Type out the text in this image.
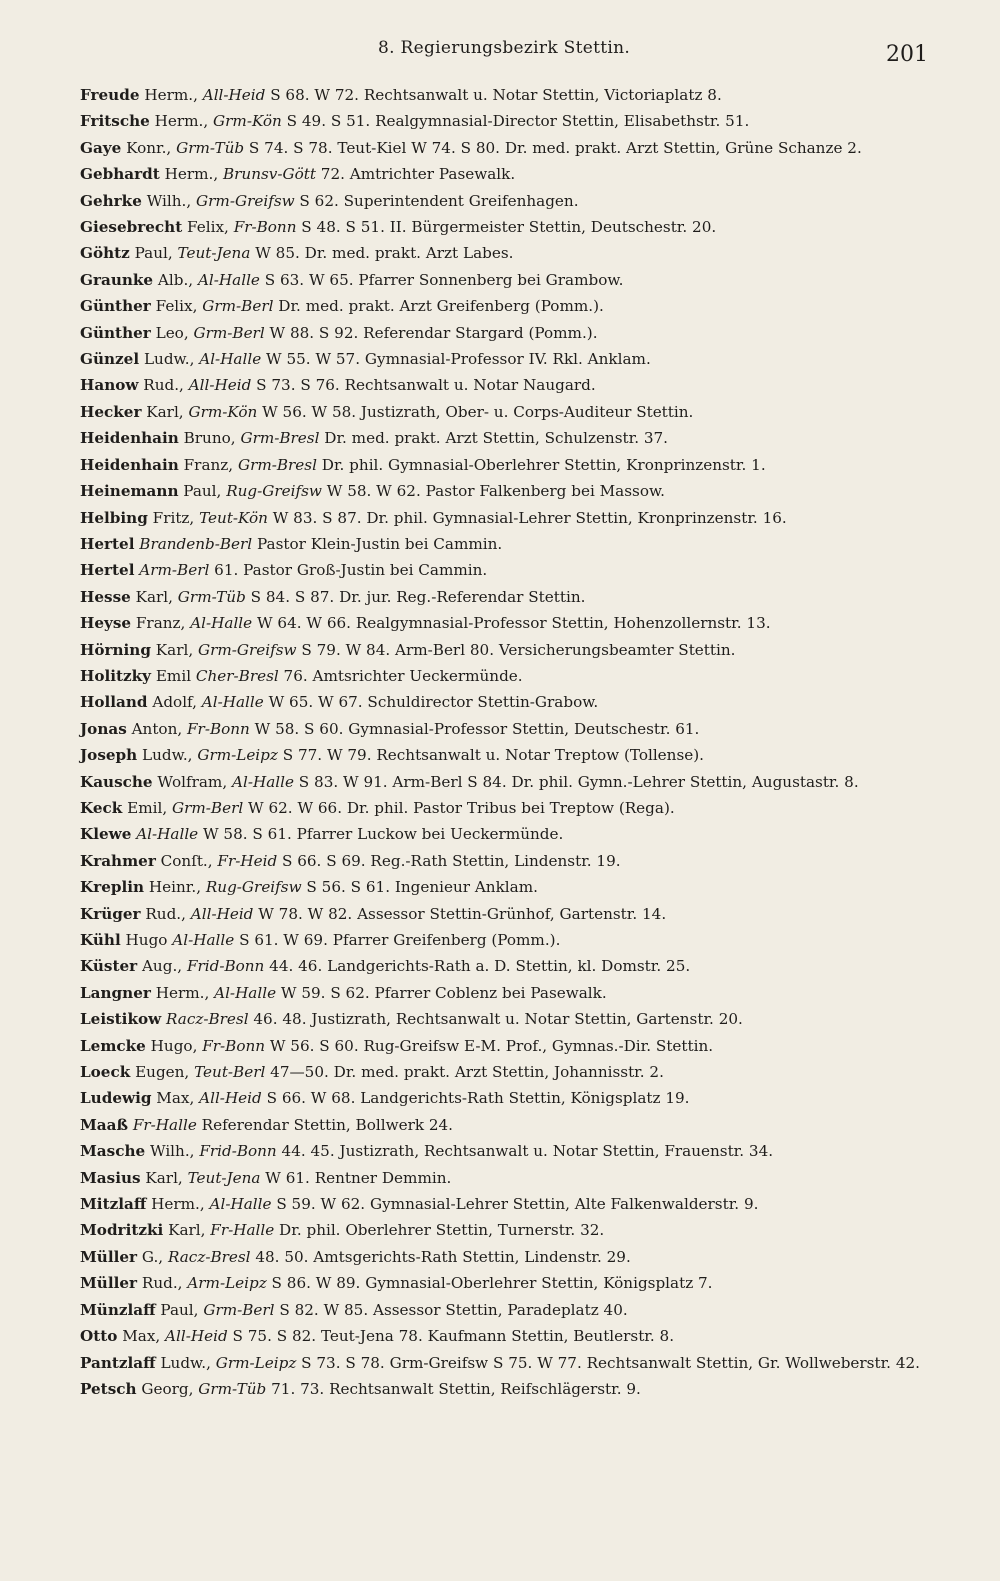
8. Regierungsbezirk Stettin.	201
Freude Herm., All-Heid S 68. W 72. Rechtsanwalt u. Notar Stettin, Victoriaplatz 8.
Fritsche Herm., Grm-Kön S 49. S 51. Realgymnasial-Director Stettin, Elisabethstr. 51.
Gaye Konr., Grm-Tüb S 74. S 78. Teut-Kiel W 74. S 80. Dr. med. prakt. Arzt Stettin, Grüne Schanze 2.
Gebhardt Herm., Brunsv-Gött 72. Amtrichter Pasewalk.
Gehrke Wilh., Grm-Greifsw S 62. Superintendent Greifenhagen.
Giesebrecht Felix, Fr-Bonn S 48. S 51. II. Bürgermeister Stettin, Deutschestr. 20.
Göhtz Paul, Teut-Jena W 85. Dr. med. prakt. Arzt Labes.
Graunke Alb., Al-Halle S 63. W 65. Pfarrer Sonnenberg bei Grambow.
Günther Felix, Grm-Berl Dr. med. prakt. Arzt Greifenberg (Pomm.).
Günther Leo, Grm-Berl W 88. S 92. Referendar Stargard (Pomm.).
Günzel Ludw., Al-Halle W 55. W 57. Gymnasial-Professor IV. Rkl. Anklam.
Hanow Rud., All-Heid S 73. S 76. Rechtsanwalt u. Notar Naugard.
Hecker Karl, Grm-Kön W 56. W 58. Justizrath, Ober- u. Corps-Auditeur Stettin.
Heidenhain Bruno, Grm-Bresl Dr. med. prakt. Arzt Stettin, Schulzenstr. 37.
Heidenhain Franz, Grm-Bresl Dr. phil. Gymnasial-Oberlehrer Stettin, Kronprinzenstr. 1.
Heinemann Paul, Rug-Greifsw W 58. W 62. Pastor Falkenberg bei Massow.
Helbing Fritz, Teut-Kön W 83. S 87. Dr. phil. Gymnasial-Lehrer Stettin, Kronprinzenstr. 16.
Hertel Brandenb-Berl Pastor Klein-Justin bei Cammin.
Hertel Arm-Berl 61. Pastor Groß-Justin bei Cammin.
Hesse Karl, Grm-Tüb S 84. S 87. Dr. jur. Reg.-Referendar Stettin.
Heyse Franz, Al-Halle W 64. W 66. Realgymnasial-Professor Stettin, Hohenzollernstr. 13.
Hörning Karl, Grm-Greifsw S 79. W 84. Arm-Berl 80. Versicherungsbeamter Stettin.
Holitzky Emil Cher-Bresl 76. Amtsrichter Ueckermünde.
Holland Adolf, Al-Halle W 65. W 67. Schuldirector Stettin-Grabow.
Jonas Anton, Fr-Bonn W 58. S 60. Gymnasial-Professor Stettin, Deutschestr. 61.
Joseph Ludw., Grm-Leipz S 77. W 79. Rechtsanwalt u. Notar Treptow (Tollense).
Kausche Wolfram, Al-Halle S 83. W 91. Arm-Berl S 84. Dr. phil. Gymn.-Lehrer Stettin, Augustastr. 8.
Keck Emil, Grm-Berl W 62. W 66. Dr. phil. Pastor Tribus bei Treptow (Rega).
Klewe Al-Halle W 58. S 61. Pfarrer Luckow bei Ueckermünde.
Krahmer Conſt., Fr-Heid S 66. S 69. Reg.-Rath Stettin, Lindenstr. 19.
Kreplin Heinr., Rug-Greifsw S 56. S 61. Ingenieur Anklam.
Krüger Rud., All-Heid W 78. W 82. Assessor Stettin-Grünhof, Gartenstr. 14.
Kühl Hugo Al-Halle S 61. W 69. Pfarrer Greifenberg (Pomm.).
Küster Aug., Frid-Bonn 44. 46. Landgerichts-Rath a. D. Stettin, kl. Domstr. 25.
Langner Herm., Al-Halle W 59. S 62. Pfarrer Coblenz bei Pasewalk.
Leistikow Racz-Bresl 46. 48. Justizrath, Rechtsanwalt u. Notar Stettin, Gartenstr. 20.
Lemcke Hugo, Fr-Bonn W 56. S 60. Rug-Greifsw E-M. Prof., Gymnas.-Dir. Stettin.
Loeck Eugen, Teut-Berl 47—50. Dr. med. prakt. Arzt Stettin, Johannisstr. 2.
Ludewig Max, All-Heid S 66. W 68. Landgerichts-Rath Stettin, Königsplatz 19.
Maaß Fr-Halle Referendar Stettin, Bollwerk 24.
Masche Wilh., Frid-Bonn 44. 45. Justizrath, Rechtsanwalt u. Notar Stettin, Frauenstr. 34.
Masius Karl, Teut-Jena W 61. Rentner Demmin.
Mitzlaff Herm., Al-Halle S 59. W 62. Gymnasial-Lehrer Stettin, Alte Falkenwalderstr. 9.
Modritzki Karl, Fr-Halle Dr. phil. Oberlehrer Stettin, Turnerstr. 32.
Müller G., Racz-Bresl 48. 50. Amtsgerichts-Rath Stettin, Lindenstr. 29.
Müller Rud., Arm-Leipz S 86. W 89. Gymnasial-Oberlehrer Stettin, Königsplatz 7.
Münzlaff Paul, Grm-Berl S 82. W 85. Assessor Stettin, Paradeplatz 40.
Otto Max, All-Heid S 75. S 82. Teut-Jena 78. Kaufmann Stettin, Beutlerstr. 8.
Pantzlaff Ludw., Grm-Leipz S 73. S 78. Grm-Greifsw S 75. W 77. Rechtsanwalt Stettin, Gr. Wollweberstr. 42.
Petsch Georg, Grm-Tüb 71. 73. Rechtsanwalt Stettin, Reifschlägerstr. 9.
